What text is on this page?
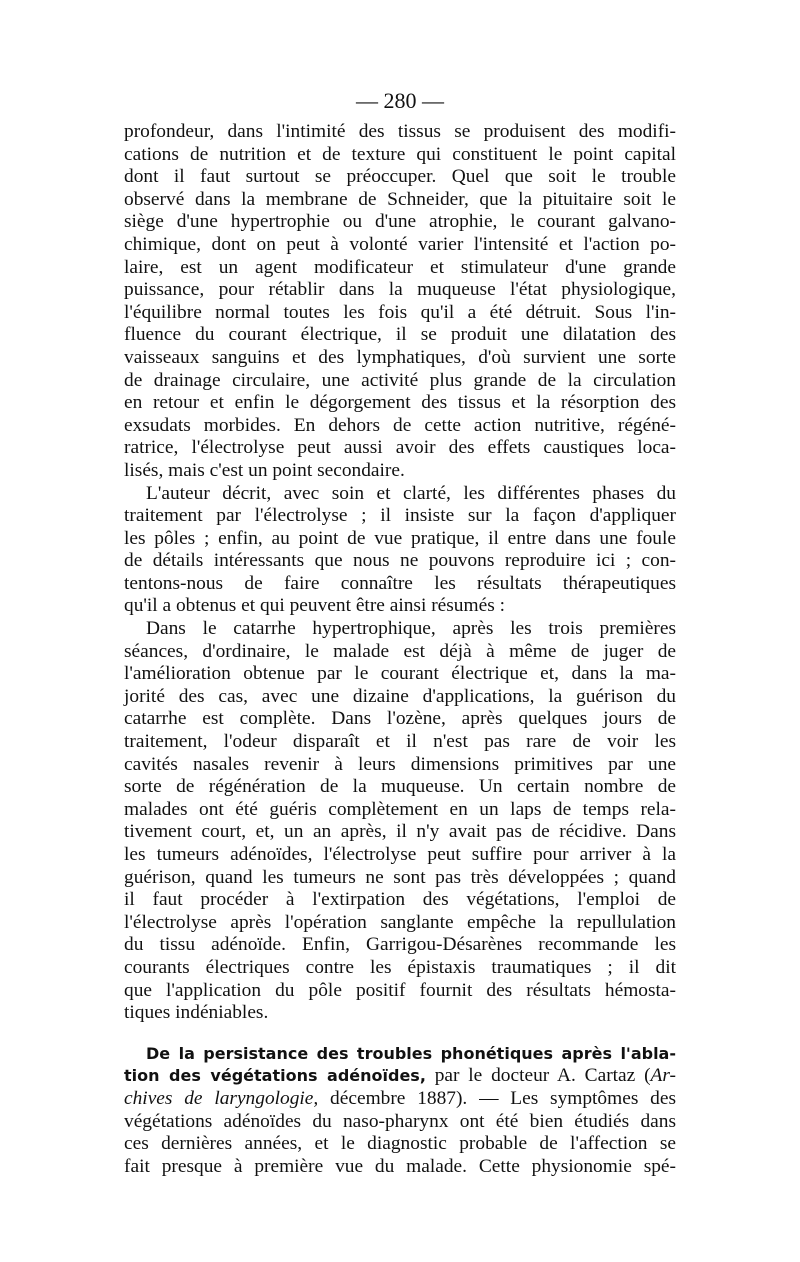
— 280 —
profondeur, dans l'intimité des tissus se produisent des modifi-
cations de nutrition et de texture qui constituent le point capital
dont il faut surtout se préoccuper. Quel que soit le trouble
observé dans la membrane de Schneider, que la pituitaire soit le
siège d'une hypertrophie ou d'une atrophie, le courant galvano-
chimique, dont on peut à volonté varier l'intensité et l'action po-
laire, est un agent modificateur et stimulateur d'une grande
puissance, pour rétablir dans la muqueuse l'état physiologique,
l'équilibre normal toutes les fois qu'il a été détruit. Sous l'in-
fluence du courant électrique, il se produit une dilatation des
vaisseaux sanguins et des lymphatiques, d'où survient une sorte
de drainage circulaire, une activité plus grande de la circulation
en retour et enfin le dégorgement des tissus et la résorption des
exsudats morbides. En dehors de cette action nutritive, régéné-
ratrice, l'électrolyse peut aussi avoir des effets caustiques loca-
lisés, mais c'est un point secondaire.
L'auteur décrit, avec soin et clarté, les différentes phases du
traitement par l'électrolyse ; il insiste sur la façon d'appliquer
les pôles ; enfin, au point de vue pratique, il entre dans une foule
de détails intéressants que nous ne pouvons reproduire ici ; con-
tentons-nous de faire connaître les résultats thérapeutiques
qu'il a obtenus et qui peuvent être ainsi résumés :
Dans le catarrhe hypertrophique, après les trois premières
séances, d'ordinaire, le malade est déjà à même de juger de
l'amélioration obtenue par le courant électrique et, dans la ma-
jorité des cas, avec une dizaine d'applications, la guérison du
catarrhe est complète. Dans l'ozène, après quelques jours de
traitement, l'odeur disparaît et il n'est pas rare de voir les
cavités nasales revenir à leurs dimensions primitives par une
sorte de régénération de la muqueuse. Un certain nombre de
malades ont été guéris complètement en un laps de temps rela-
tivement court, et, un an après, il n'y avait pas de récidive. Dans
les tumeurs adénoïdes, l'électrolyse peut suffire pour arriver à la
guérison, quand les tumeurs ne sont pas très développées ; quand
il faut procéder à l'extirpation des végétations, l'emploi de
l'électrolyse après l'opération sanglante empêche la repullulation
du tissu adénoïde. Enfin, Garrigou-Désarènes recommande les
courants électriques contre les épistaxis traumatiques ; il dit
que l'application du pôle positif fournit des résultats hémosta-
tiques indéniables.
De la persistance des troubles phonétiques après l'abla-
tion des végétations adénoïdes, par le docteur A. Cartaz (Ar-
chives de laryngologie, décembre 1887). — Les symptômes des
végétations adénoïdes du naso-pharynx ont été bien étudiés dans
ces dernières années, et le diagnostic probable de l'affection se
fait presque à première vue du malade. Cette physionomie spé-
